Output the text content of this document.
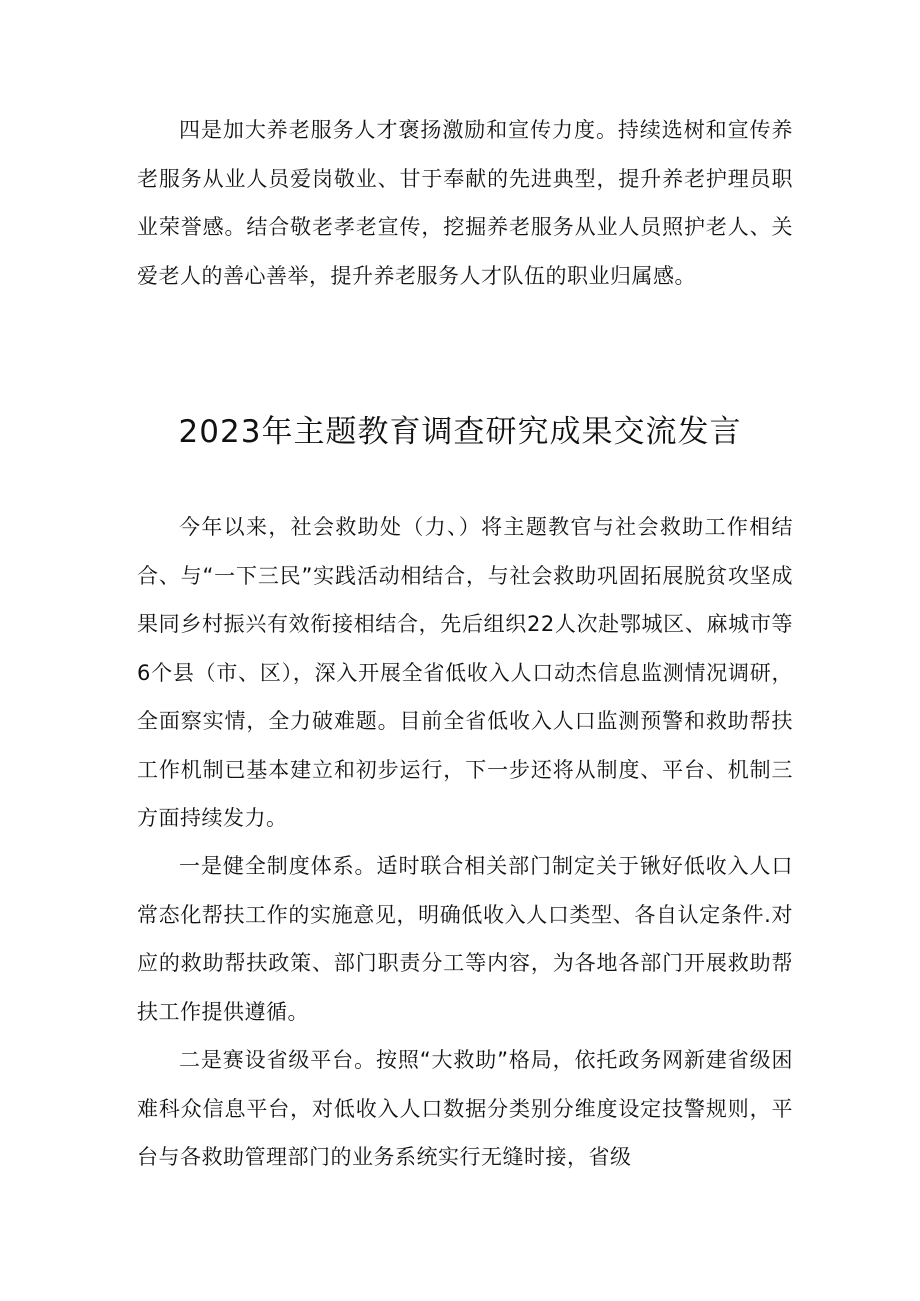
四是加大养老服务人才褒扬激励和宣传力度。持续选树和宣传养老服务从业人员爱岗敬业、甘于奉献的先进典型，提升养老护理员职业荣誉感。结合敬老孝老宣传，挖掘养老服务从业人员照护老人、关爱老人的善心善举，提升养老服务人才队伍的职业归属感。

2023年主题教育调查研究成果交流发言

今年以来，社会救助处（力、）将主题教官与社会救助工作相结合、与“一下三民”实践活动相结合，与社会救助巩固拓展脱贫攻坚成果同乡村振兴有效衔接相结合，先后组织22人次赴鄂城区、麻城市等6个县（市、区），深入开展全省低收入人口动杰信息监测情况调研，全面察实情，全力破难题。目前全省低收入人口监测预警和救助帮扶工作机制已基本建立和初步运行，下一步还将从制度、平台、机制三方面持续发力。

一是健全制度体系。适时联合相关部门制定关于锹好低收入人口常态化帮扶工作的实施意见，明确低收入人口类型、各自认定条件.对应的救助帮扶政策、部门职责分工等内容，为各地各部门开展救助帮扶工作提供遵循。

二是赛设省级平台。按照“大救助”格局，依托政务网新建省级困难科众信息平台，对低收入人口数据分类别分维度设定技警规则，平台与各救助管理部门的业务系统实行无缝时接，省级
